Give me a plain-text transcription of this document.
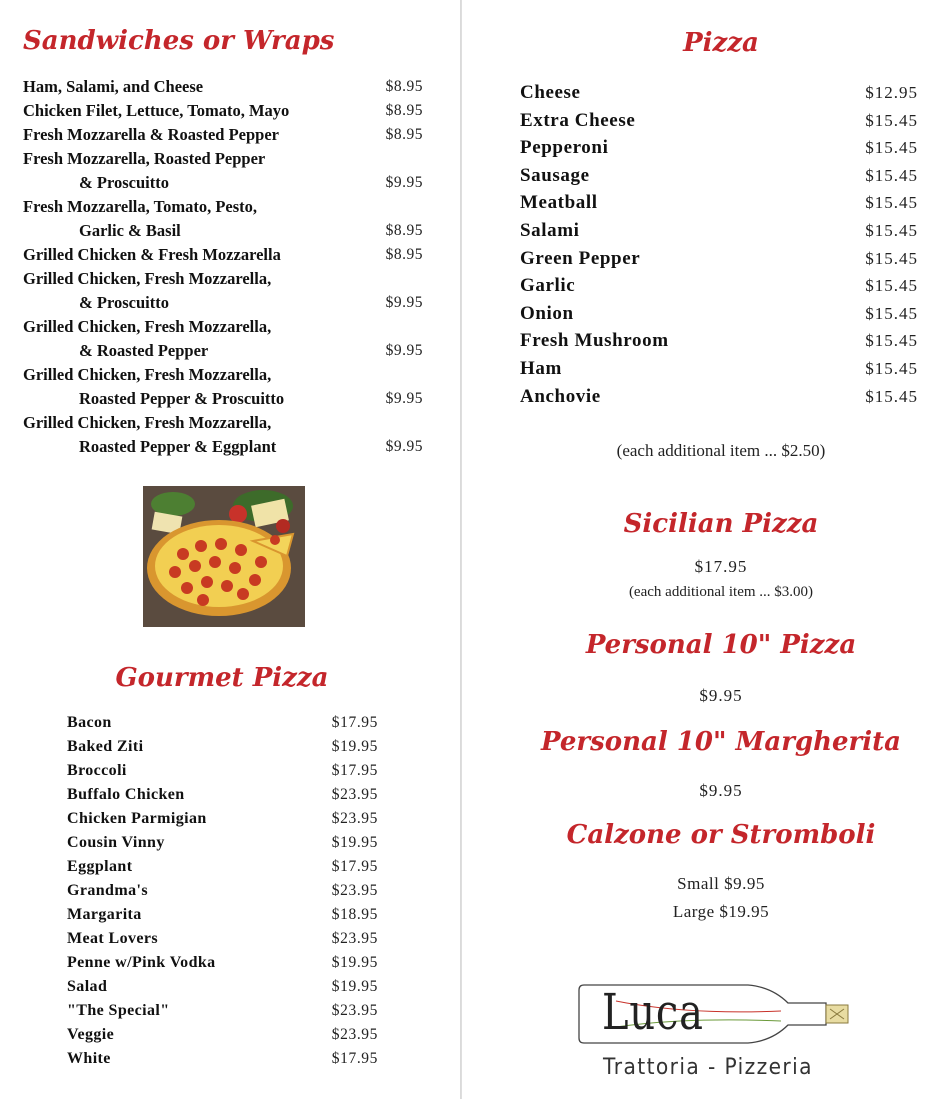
Sandwiches or Wraps
Ham, Salami, and Cheese	$8.95
Chicken Filet, Lettuce, Tomato, Mayo	$8.95
Fresh Mozzarella & Roasted Pepper	$8.95
Fresh Mozzarella, Roasted Pepper
& Proscuitto	$9.95
Fresh Mozzarella, Tomato, Pesto,
Garlic & Basil	$8.95
Grilled Chicken & Fresh Mozzarella	$8.95
Grilled Chicken, Fresh Mozzarella,
& Proscuitto	$9.95
Grilled Chicken, Fresh Mozzarella,
& Roasted Pepper	$9.95
Grilled Chicken, Fresh Mozzarella,
Roasted Pepper & Proscuitto	$9.95
Grilled Chicken, Fresh Mozzarella,
Roasted Pepper & Eggplant	$9.95
Gourmet Pizza
Bacon	$17.95
Baked Ziti	$19.95
Broccoli	$17.95
Buffalo Chicken	$23.95
Chicken Parmigian	$23.95
Cousin Vinny	$19.95
Eggplant	$17.95
Grandma's	$23.95
Margarita	$18.95
Meat Lovers	$23.95
Penne w/Pink Vodka	$19.95
Salad	$19.95
"The Special"	$23.95
Veggie	$23.95
White	$17.95
Pizza
Cheese	$12.95
Extra Cheese	$15.45
Pepperoni	$15.45
Sausage	$15.45
Meatball	$15.45
Salami	$15.45
Green Pepper	$15.45
Garlic	$15.45
Onion	$15.45
Fresh Mushroom	$15.45
Ham	$15.45
Anchovie	$15.45
(each additional item ... $2.50)
Sicilian Pizza
$17.95
(each additional item ... $3.00)
Personal 10" Pizza
$9.95
Personal 10" Margherita
$9.95
Calzone or Stromboli
Small $9.95
Large $19.95
Luca
Trattoria - Pizzeria
